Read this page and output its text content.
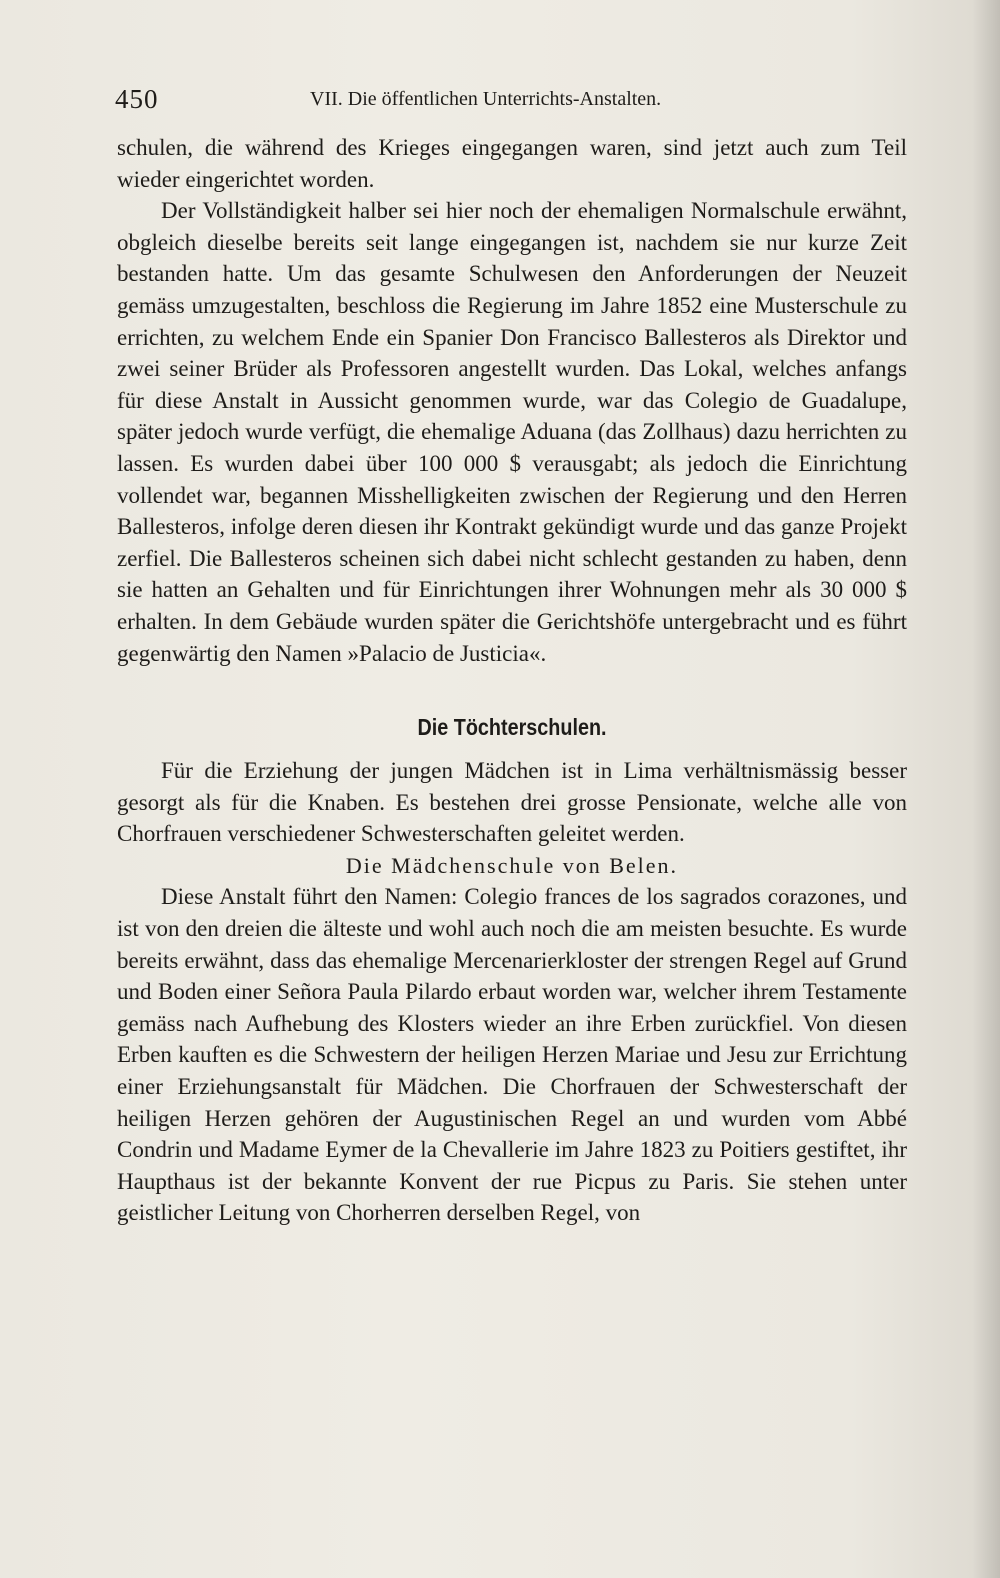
450	VII. Die öffentlichen Unterrichts-Anstalten.

schulen, die während des Krieges eingegangen waren, sind jetzt auch zum Teil wieder eingerichtet worden.

Der Vollständigkeit halber sei hier noch der ehemaligen Normalschule erwähnt, obgleich dieselbe bereits seit lange eingegangen ist, nachdem sie nur kurze Zeit bestanden hatte. Um das gesamte Schulwesen den Anforderungen der Neuzeit gemäss umzugestalten, beschloss die Regierung im Jahre 1852 eine Musterschule zu errichten, zu welchem Ende ein Spanier Don Francisco Ballesteros als Direktor und zwei seiner Brüder als Professoren angestellt wurden. Das Lokal, welches anfangs für diese Anstalt in Aussicht genommen wurde, war das Colegio de Guadalupe, später jedoch wurde verfügt, die ehemalige Aduana (das Zollhaus) dazu herrichten zu lassen. Es wurden dabei über 100 000 $ verausgabt; als jedoch die Einrichtung vollendet war, begannen Misshelligkeiten zwischen der Regierung und den Herren Ballesteros, infolge deren diesen ihr Kontrakt gekündigt wurde und das ganze Projekt zerfiel. Die Ballesteros scheinen sich dabei nicht schlecht gestanden zu haben, denn sie hatten an Gehalten und für Einrichtungen ihrer Wohnungen mehr als 30 000 $ erhalten. In dem Gebäude wurden später die Gerichtshöfe untergebracht und es führt gegenwärtig den Namen »Palacio de Justicia«.

Die Töchterschulen.

Für die Erziehung der jungen Mädchen ist in Lima verhältnismässig besser gesorgt als für die Knaben. Es bestehen drei grosse Pensionate, welche alle von Chorfrauen verschiedener Schwesterschaften geleitet werden.

Die Mädchenschule von Belen.

Diese Anstalt führt den Namen: Colegio frances de los sagrados corazones, und ist von den dreien die älteste und wohl auch noch die am meisten besuchte. Es wurde bereits erwähnt, dass das ehemalige Mercenarierkloster der strengen Regel auf Grund und Boden einer Señora Paula Pilardo erbaut worden war, welcher ihrem Testamente gemäss nach Aufhebung des Klosters wieder an ihre Erben zurückfiel. Von diesen Erben kauften es die Schwestern der heiligen Herzen Mariae und Jesu zur Errichtung einer Erziehungsanstalt für Mädchen. Die Chorfrauen der Schwesterschaft der heiligen Herzen gehören der Augustinischen Regel an und wurden vom Abbé Condrin und Madame Eymer de la Chevallerie im Jahre 1823 zu Poitiers gestiftet, ihr Haupthaus ist der bekannte Konvent der rue Picpus zu Paris. Sie stehen unter geistlicher Leitung von Chorherren derselben Regel, von
